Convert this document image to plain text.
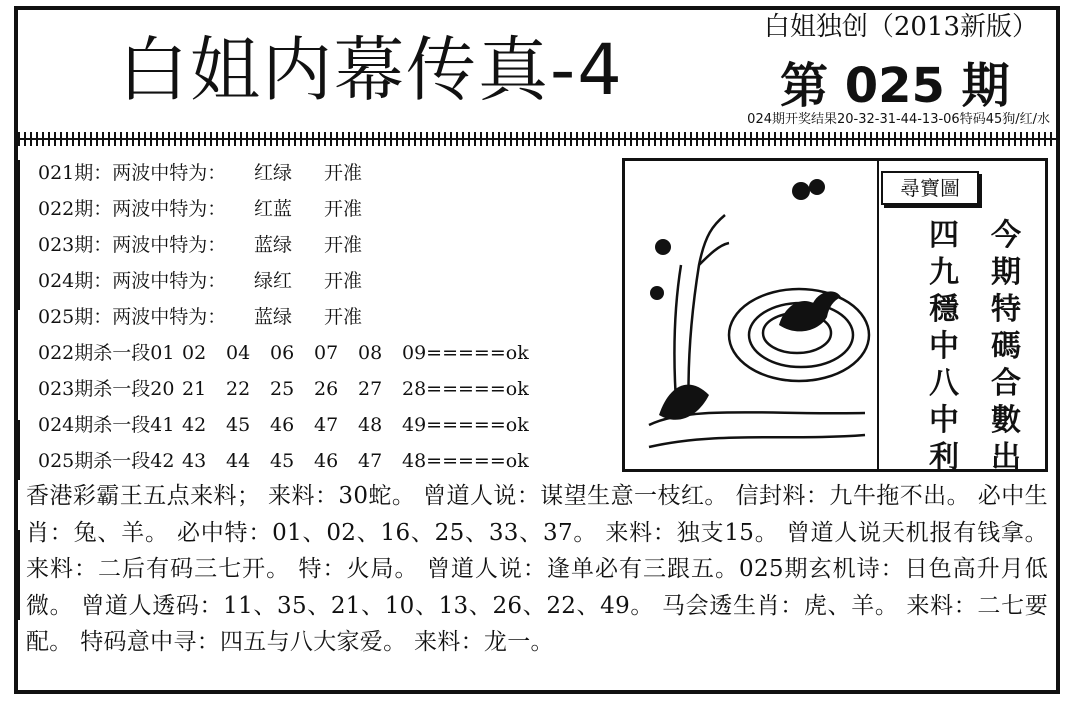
白姐内幕传真-4
白姐独创（2013新版）
第 025 期
024期开奖结果20-32-31-44-13-06特码45狗/红/水
021期：两波中特为： 红绿 开准
022期：两波中特为： 红蓝 开准
023期：两波中特为： 蓝绿 开准
024期：两波中特为： 绿红 开准
025期：两波中特为： 蓝绿 开准
022期杀一段01 02 04 06 07 08 09=====ok
023期杀一段20 21 22 25 26 27 28=====ok
024期杀一段41 42 45 46 47 48 49=====ok
025期杀一段42 43 44 45 46 47 48=====ok
尋寶圖
今期特碼合數出
四九穩中八中利
香港彩霸王五点来料； 来料：30蛇。 曾道人说：谋望生意一枝红。 信封料：九牛拖不出。 必中生肖：兔、羊。 必中特：01、02、16、25、33、37。 来料：独支15。 曾道人说天机报有钱拿。 来料：二后有码三七开。 特：火局。 曾道人说：逢单必有三跟五。025期玄机诗：日色高升月低微。 曾道人透码：11、35、21、10、13、26、22、49。 马会透生肖：虎、羊。 来料：二七要配。 特码意中寻：四五与八大家爱。 来料：龙一。
